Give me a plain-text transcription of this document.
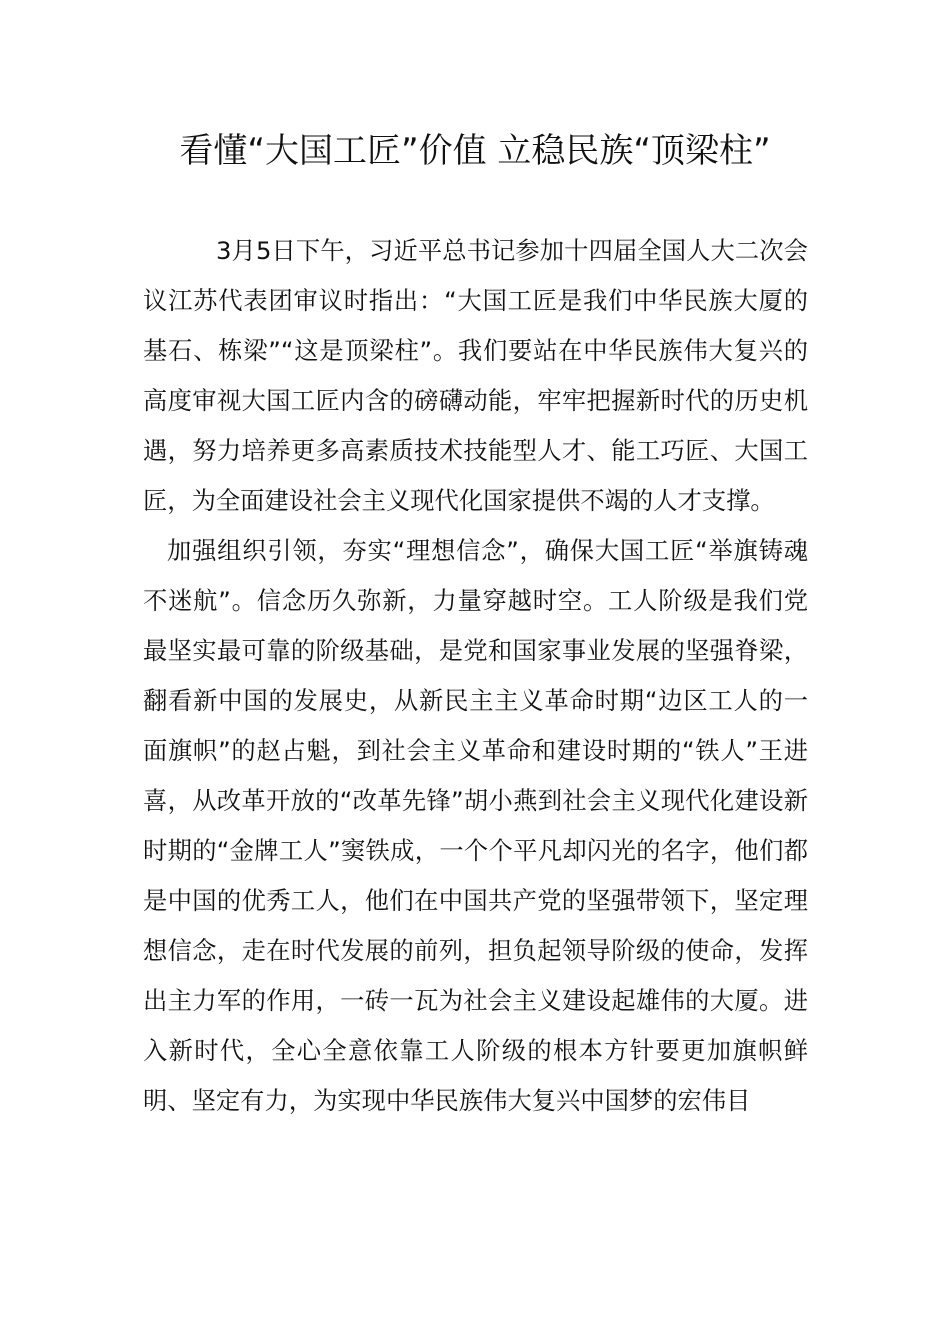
看懂“大国工匠”价值 立稳民族“顶梁柱”

3月5日下午，习近平总书记参加十四届全国人大二次会议江苏代表团审议时指出：“大国工匠是我们中华民族大厦的基石、栋梁”“这是顶梁柱”。我们要站在中华民族伟大复兴的高度审视大国工匠内含的磅礴动能，牢牢把握新时代的历史机遇，努力培养更多高素质技术技能型人才、能工巧匠、大国工匠，为全面建设社会主义现代化国家提供不竭的人才支撑。

加强组织引领，夯实“理想信念”，确保大国工匠“举旗铸魂不迷航”。信念历久弥新，力量穿越时空。工人阶级是我们党最坚实最可靠的阶级基础，是党和国家事业发展的坚强脊梁，翻看新中国的发展史，从新民主主义革命时期“边区工人的一面旗帜”的赵占魁，到社会主义革命和建设时期的“铁人”王进喜，从改革开放的“改革先锋”胡小燕到社会主义现代化建设新时期的“金牌工人”窦铁成，一个个平凡却闪光的名字，他们都是中国的优秀工人，他们在中国共产党的坚强带领下，坚定理想信念，走在时代发展的前列，担负起领导阶级的使命，发挥出主力军的作用，一砖一瓦为社会主义建设起雄伟的大厦。进入新时代，全心全意依靠工人阶级的根本方针要更加旗帜鲜明、坚定有力，为实现中华民族伟大复兴中国梦的宏伟目
